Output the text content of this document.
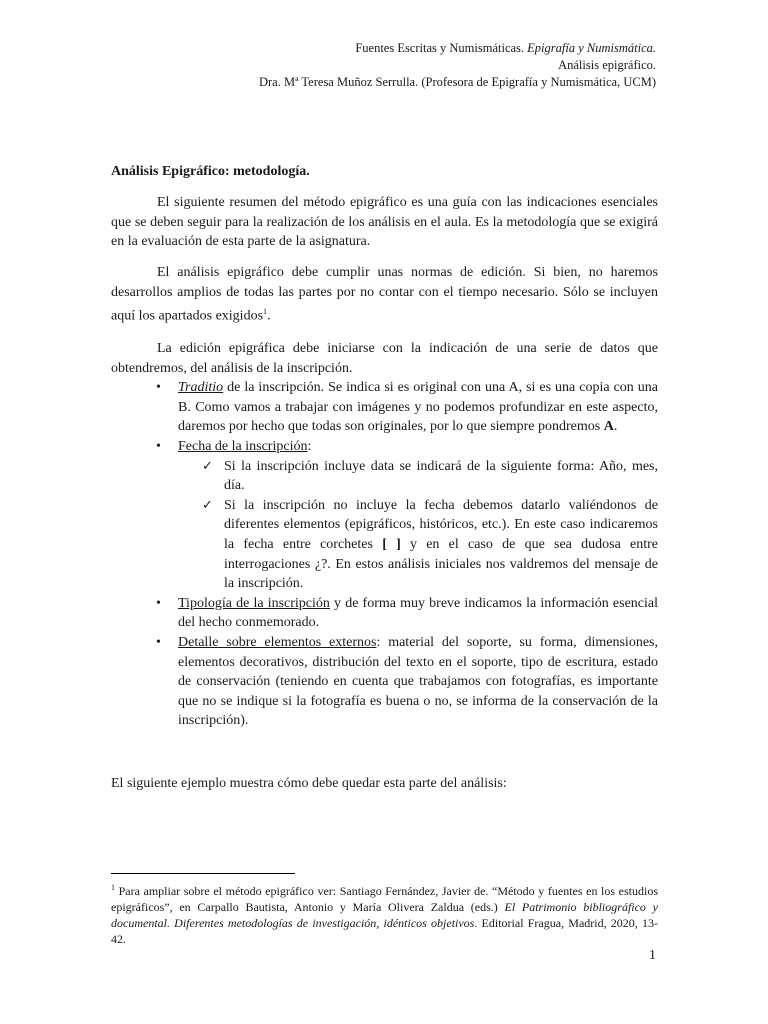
Fuentes Escritas y Numismáticas. Epigrafía y Numismática.
Análisis epigráfico.
Dra. Mª Teresa Muñoz Serrulla. (Profesora de Epigrafía y Numismática, UCM)
Análisis Epigráfico: metodología.

El siguiente resumen del método epigráfico es una guía con las indicaciones esenciales que se deben seguir para la realización de los análisis en el aula. Es la metodología que se exigirá en la evaluación de esta parte de la asignatura.

El análisis epigráfico debe cumplir unas normas de edición. Si bien, no haremos desarrollos amplios de todas las partes por no contar con el tiempo necesario. Sólo se incluyen aquí los apartados exigidos$^1$.

La edición epigráfica debe iniciarse con la indicación de una serie de datos que obtendremos, del análisis de la inscripción.

• Traditio de la inscripción. Se indica si es original con una A, si es una copia con una B. Como vamos a trabajar con imágenes y no podemos profundizar en este aspecto, daremos por hecho que todas son originales, por lo que siempre pondremos A.
• Fecha de la inscripción:
✓ Si la inscripción incluye data se indicará de la siguiente forma: Año, mes, día.
✓ Si la inscripción no incluye la fecha debemos datarlo valiéndonos de diferentes elementos (epigráficos, históricos, etc.). En este caso indicaremos la fecha entre corchetes [ ] y en el caso de que sea dudosa entre interrogaciones ¿?. En estos análisis iniciales nos valdremos del mensaje de la inscripción.
• Tipología de la inscripción y de forma muy breve indicamos la información esencial del hecho conmemorado.
• Detalle sobre elementos externos: material del soporte, su forma, dimensiones, elementos decorativos, distribución del texto en el soporte, tipo de escritura, estado de conservación (teniendo en cuenta que trabajamos con fotografías, es importante que no se indique si la fotografía es buena o no, se informa de la conservación de la inscripción).
El siguiente ejemplo muestra cómo debe quedar esta parte del análisis:
$^1$ Para ampliar sobre el método epigráfico ver: Santiago Fernández, Javier de. “Método y fuentes en los estudios epigráficos”, en Carpallo Bautista, Antonio y María Olivera Zaldua (eds.) El Patrimonio bibliográfico y documental. Diferentes metodologías de investigación, idénticos objetivos. Editorial Fragua, Madrid, 2020, 13-42.
1
